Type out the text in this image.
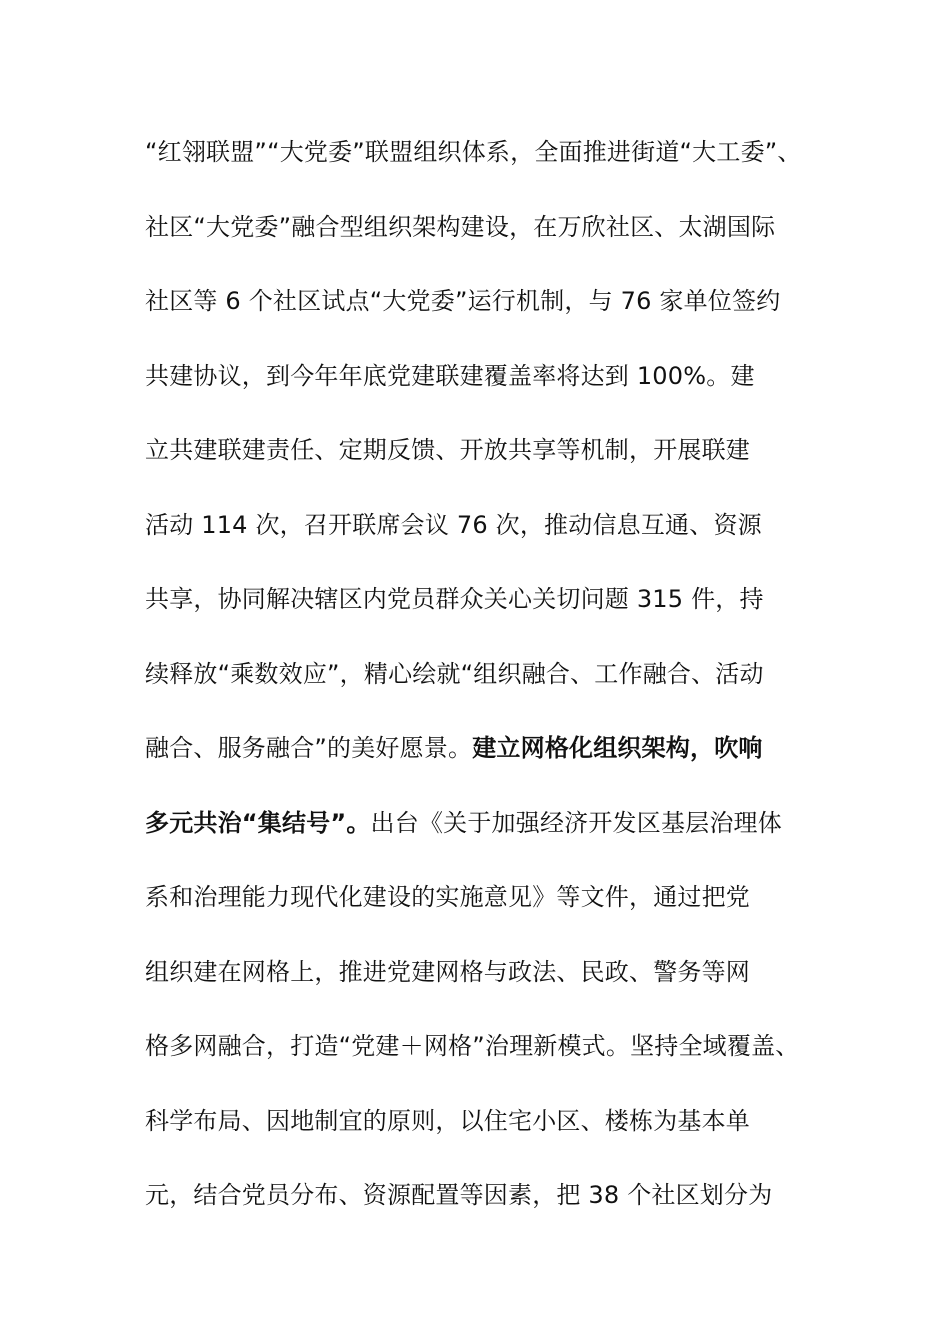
“红翎联盟”“大党委”联盟组织体系，全面推进街道“大工委”、
社区“大党委”融合型组织架构建设，在万欣社区、太湖国际
社区等 6 个社区试点“大党委”运行机制，与 76 家单位签约
共建协议，到今年年底党建联建覆盖率将达到 100%。建
立共建联建责任、定期反馈、开放共享等机制，开展联建
活动 114 次，召开联席会议 76 次，推动信息互通、资源
共享，协同解决辖区内党员群众关心关切问题 315 件，持
续释放“乘数效应”，精心绘就“组织融合、工作融合、活动
融合、服务融合”的美好愿景。建立网格化组织架构，吹响
多元共治“集结号”。出台《关于加强经济开发区基层治理体
系和治理能力现代化建设的实施意见》等文件，通过把党
组织建在网格上，推进党建网格与政法、民政、警务等网
格多网融合，打造“党建＋网格”治理新模式。坚持全域覆盖、
科学布局、因地制宜的原则，以住宅小区、楼栋为基本单
元，结合党员分布、资源配置等因素，把 38 个社区划分为
